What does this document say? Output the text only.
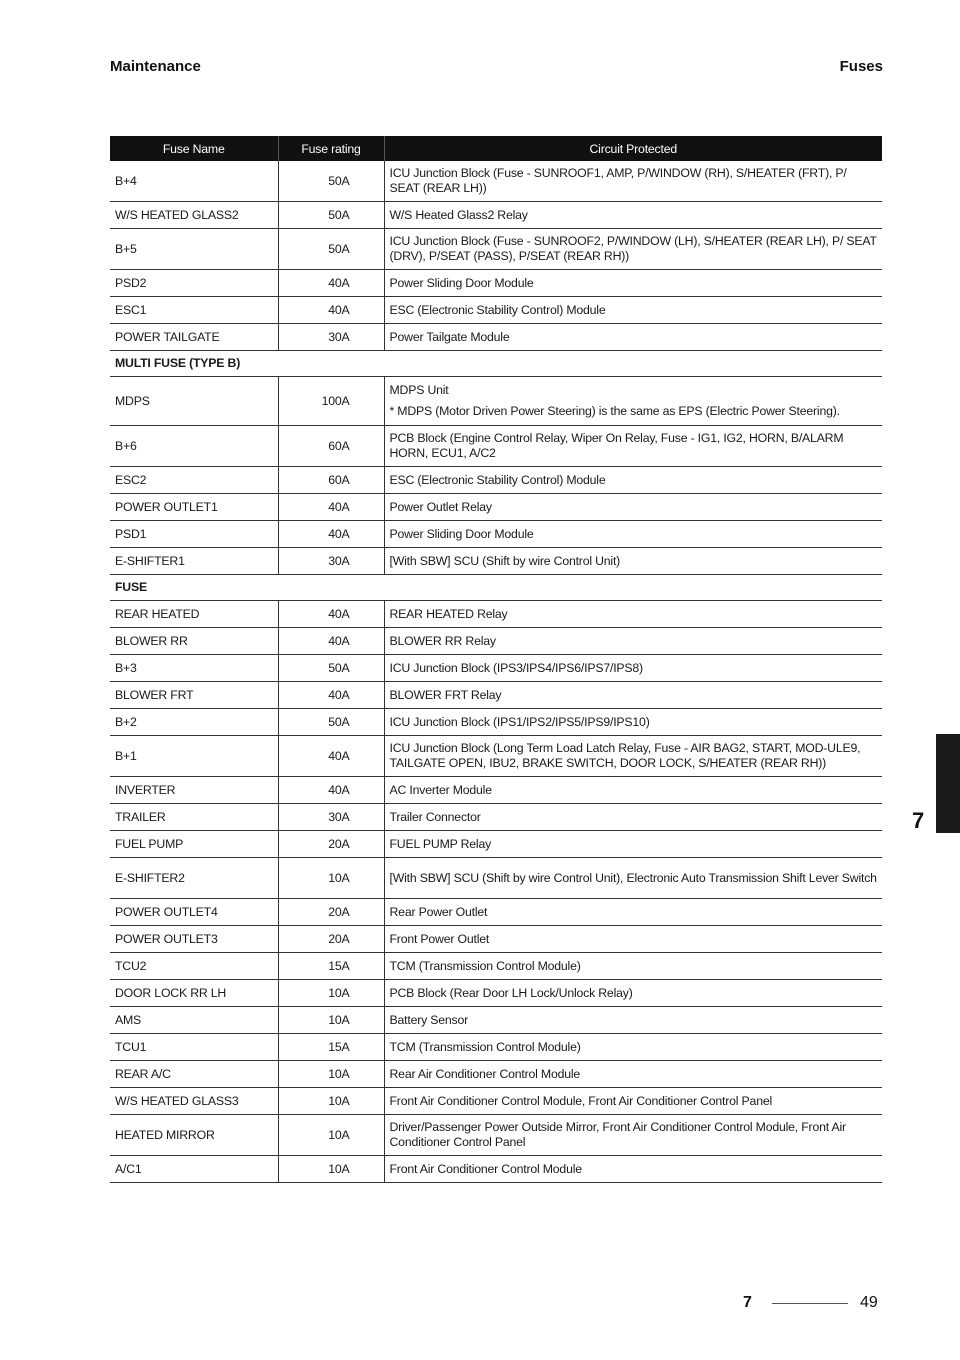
Maintenance	Fuses
Fuse Name	Fuse rating	Circuit Protected
B+4	50A	ICU Junction Block (Fuse - SUNROOF1, AMP, P/WINDOW (RH), S/HEATER (FRT), P/ SEAT (REAR LH))
W/S HEATED GLASS2	50A	W/S Heated Glass2 Relay
B+5	50A	ICU Junction Block (Fuse - SUNROOF2, P/WINDOW (LH), S/HEATER (REAR LH), P/ SEAT (DRV), P/SEAT (PASS), P/SEAT (REAR RH))
PSD2	40A	Power Sliding Door Module
ESC1	40A	ESC (Electronic Stability Control) Module
POWER TAILGATE	30A	Power Tailgate Module
MULTI FUSE (TYPE B)		
MDPS	100A	MDPS Unit
* MDPS (Motor Driven Power Steering) is the same as EPS (Electric Power Steering).

B+6	60A	PCB Block (Engine Control Relay, Wiper On Relay, Fuse - IG1, IG2, HORN, B/ALARM HORN, ECU1, A/C2
ESC2	60A	ESC (Electronic Stability Control) Module
POWER OUTLET1	40A	Power Outlet Relay
PSD1	40A	Power Sliding Door Module
E-SHIFTER1	30A	[With SBW] SCU (Shift by wire Control Unit)
FUSE		
REAR HEATED	40A	REAR HEATED Relay
BLOWER RR	40A	BLOWER RR Relay
B+3	50A	ICU Junction Block (IPS3/IPS4/IPS6/IPS7/IPS8)
BLOWER FRT	40A	BLOWER FRT Relay
B+2	50A	ICU Junction Block (IPS1/IPS2/IPS5/IPS9/IPS10)
B+1	40A	ICU Junction Block (Long Term Load Latch Relay, Fuse - AIR BAG2, START, MOD-ULE9, TAILGATE OPEN, IBU2, BRAKE SWITCH, DOOR LOCK, S/HEATER (REAR RH))
INVERTER	40A	AC Inverter Module
TRAILER	30A	Trailer Connector
FUEL PUMP	20A	FUEL PUMP Relay
E-SHIFTER2	10A	[With SBW] SCU (Shift by wire Control Unit), Electronic Auto Transmission Shift Lever Switch
POWER OUTLET4	20A	Rear Power Outlet
POWER OUTLET3	20A	Front Power Outlet
TCU2	15A	TCM (Transmission Control Module)
DOOR LOCK RR LH	10A	PCB Block (Rear Door LH Lock/Unlock Relay)
AMS	10A	Battery Sensor
TCU1	15A	TCM (Transmission Control Module)
REAR A/C	10A	Rear Air Conditioner Control Module
W/S HEATED GLASS3	10A	Front Air Conditioner Control Module, Front Air Conditioner Control Panel
HEATED MIRROR	10A	Driver/Passenger Power Outside Mirror, Front Air Conditioner Control Module, Front Air Conditioner Control Panel
A/C1	10A	Front Air Conditioner Control Module
7
7	49
